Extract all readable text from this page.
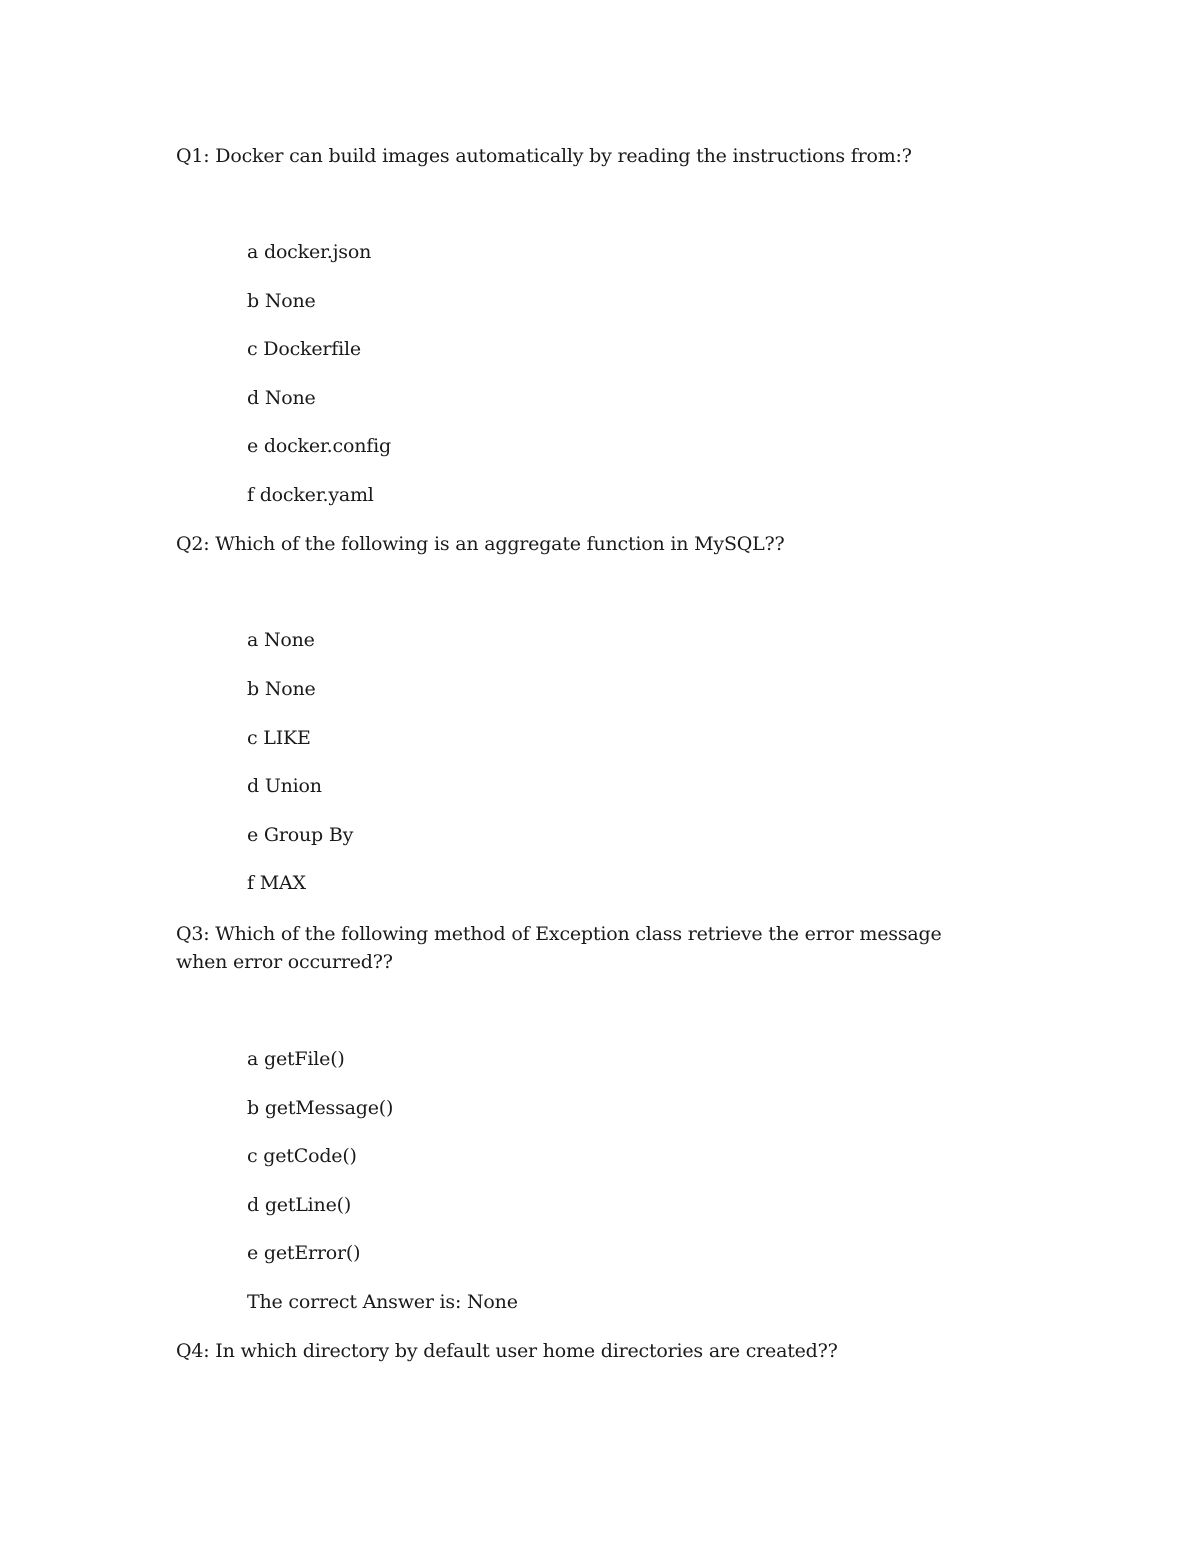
Q1: Docker can build images automatically by reading the instructions from:?
a docker.json
b None
c Dockerfile
d None
e docker.config
f docker.yaml
Q2: Which of the following is an aggregate function in MySQL??
a None
b None
c LIKE
d Union
e Group By
f MAX
Q3: Which of the following method of Exception class retrieve the error message when error occurred??
a getFile()
b getMessage()
c getCode()
d getLine()
e getError()
The correct Answer is: None
Q4: In which directory by default user home directories are created??
